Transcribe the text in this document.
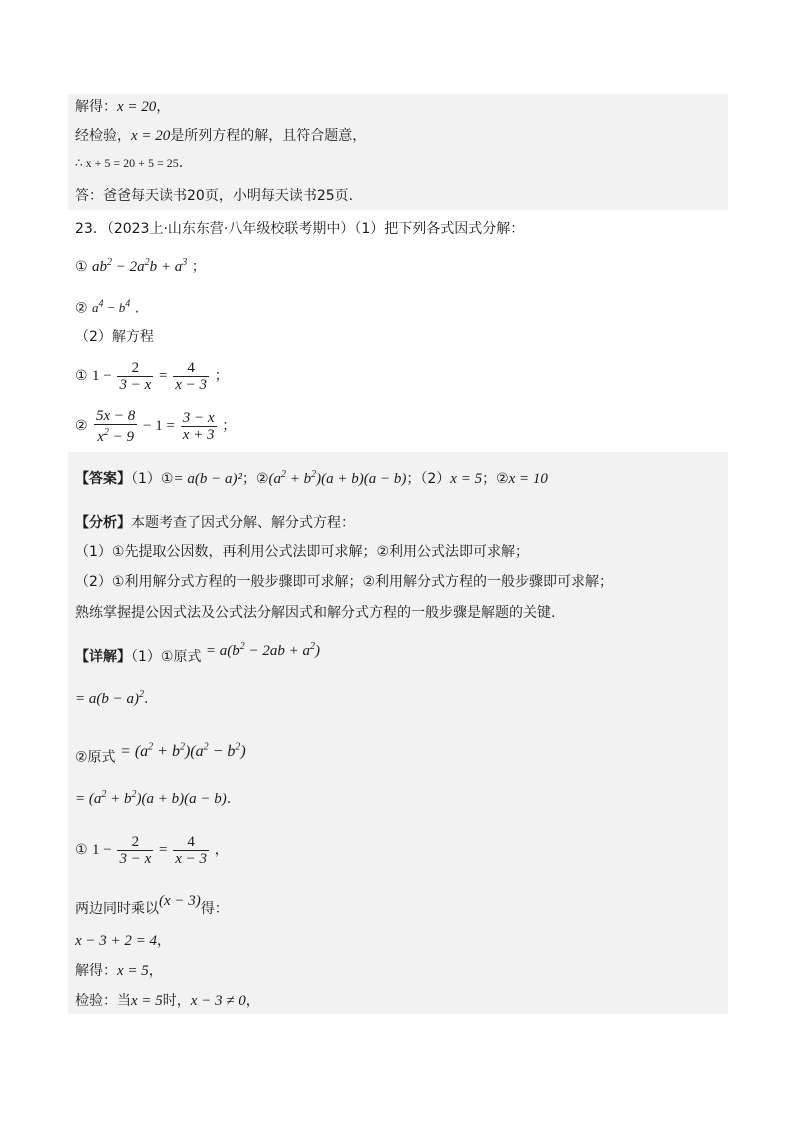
解得：x = 20，
经检验，x = 20是所列方程的解，且符合题意，
∴ x + 5 = 20 + 5 = 25.
答：爸爸每天读书20页，小明每天读书25页.
23．（2023上·山东东营·八年级校联考期中）（1）把下列各式因式分解：
① $ab^2 - 2a^2b + a^3$ ；
② $a^4 - b^4$ .
（2）解方程
① $1 - \frac{2}{3 - x} = \frac{4}{x - 3}$ ；
② $\frac{5x - 8}{x^2 - 9} - 1 = \frac{3 - x}{x + 3}$ ；
【答案】（1）①= a(b − a)²；$②(a^2 + b^2)(a + b)(a - b)$；（2）x = 5；②x = 10
【分析】本题考查了因式分解、解分式方程：
（1）①先提取公因数，再利用公式法即可求解；②利用公式法即可求解；
（2）①利用解分式方程的一般步骤即可求解；②利用解分式方程的一般步骤即可求解；
熟练掌握提公因式法及公式法分解因式和解分式方程的一般步骤是解题的关键.
【详解】（1）①原式 = $a(b^2 - 2ab + a^2)$
= $a(b - a)^2$.
②原式 = $(a^2 + b^2)(a^2 - b^2)$
= $(a^2 + b^2)(a + b)(a - b)$.
① $1 - \frac{2}{3 - x} = \frac{4}{x - 3}$ ，
两边同时乘以(x − 3)得：
x − 3 + 2 = 4，
解得：x = 5，
检验：当x = 5时，x − 3 ≠ 0，
